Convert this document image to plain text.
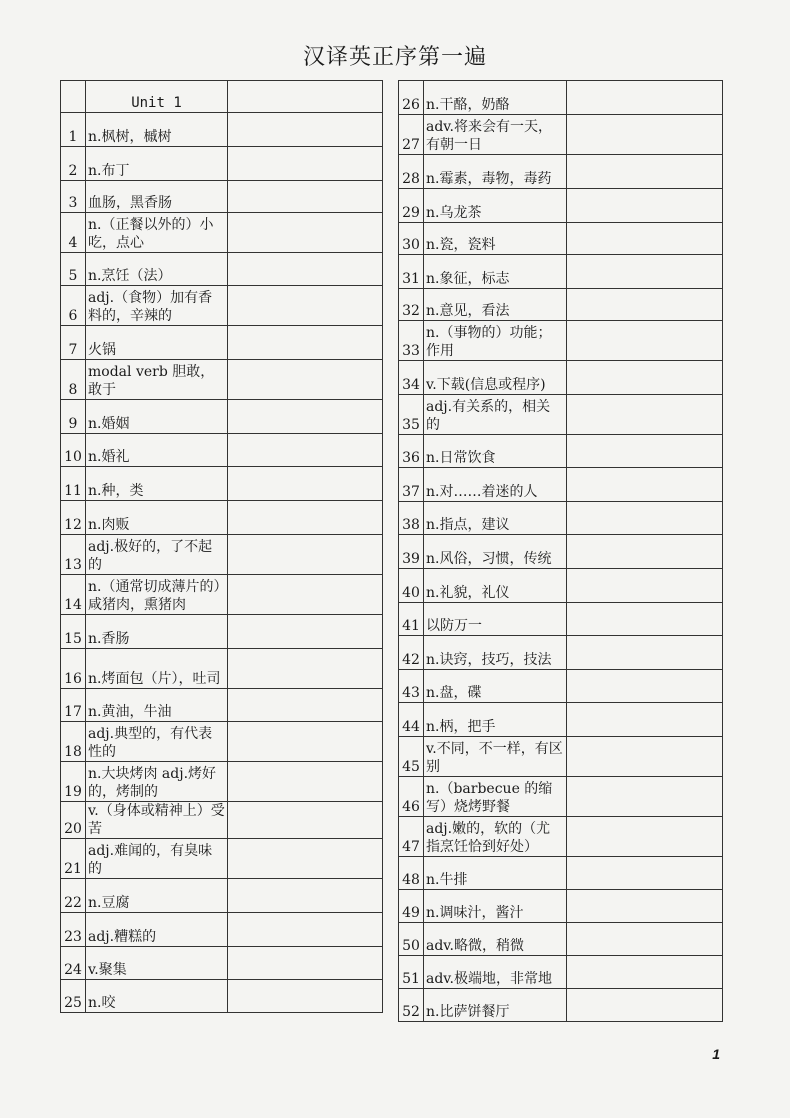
汉译英正序第一遍
	Unit 1	
1	n.枫树，槭树	
2	n.布丁	
3	血肠，黑香肠	
4	n.（正餐以外的）小吃，点心	
5	n.烹饪（法）	
6	adj.（食物）加有香料的，辛辣的	
7	火锅	
8	modal verb 胆敢，敢于	
9	n.婚姻	
10	n.婚礼	
11	n.种，类	
12	n.肉贩	
13	adj.极好的，了不起的	
14	n.（通常切成薄片的）咸猪肉，熏猪肉	
15	n.香肠	
16	n.烤面包（片），吐司	
17	n.黄油，牛油	
18	adj.典型的，有代表性的	
19	n.大块烤肉 adj.烤好的，烤制的	
20	v.（身体或精神上）受苦	
21	adj.难闻的，有臭味的	
22	n.豆腐	
23	adj.糟糕的	
24	v.聚集	
25	n.咬	
26	n.干酪，奶酪	
27	adv.将来会有一天，有朝一日	
28	n.霉素，毒物，毒药	
29	n.乌龙茶	
30	n.瓷，瓷料	
31	n.象征，标志	
32	n.意见，看法	
33	n.（事物的）功能；作用	
34	v.下载(信息或程序)	
35	adj.有关系的，相关的	
36	n.日常饮食	
37	n.对……着迷的人	
38	n.指点，建议	
39	n.风俗，习惯，传统	
40	n.礼貌，礼仪	
41	以防万一	
42	n.诀窍，技巧，技法	
43	n.盘，碟	
44	n.柄，把手	
45	v.不同，不一样，有区别	
46	n.（barbecue 的缩写）烧烤野餐	
47	adj.嫩的，软的（尤指烹饪恰到好处）	
48	n.牛排	
49	n.调味汁，酱汁	
50	adv.略微，稍微	
51	adv.极端地，非常地	
52	n.比萨饼餐厅	
1
